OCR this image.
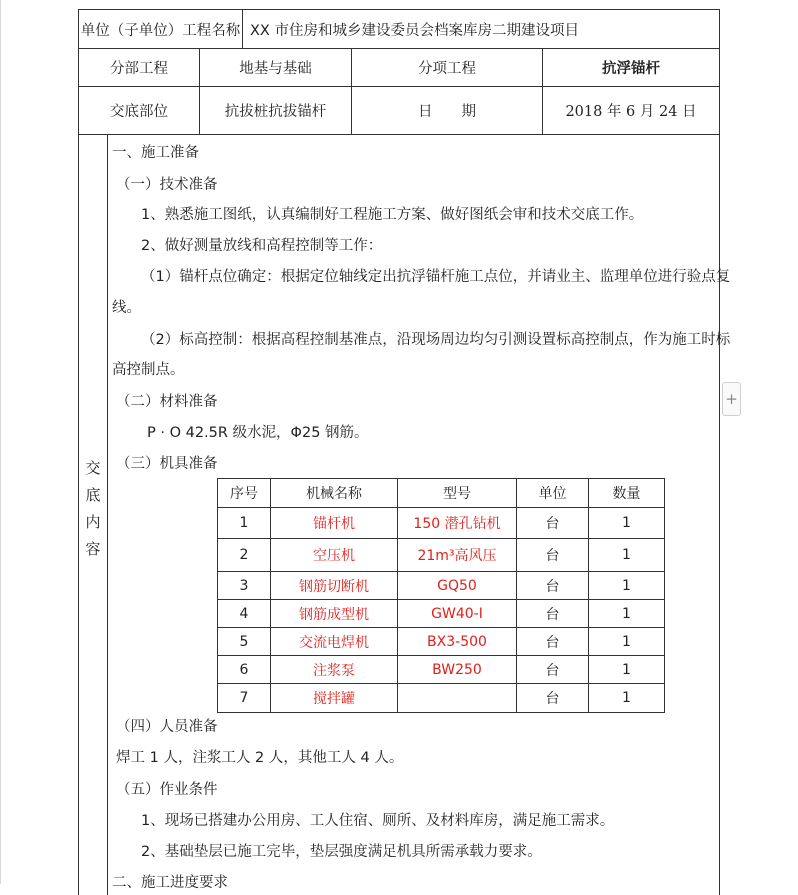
单位（子单位）工程名称 XX 市住房和城乡建设委员会档案库房二期建设项目
分部工程	地基与基础	分项工程	抗浮锚杆
交底部位	抗拔桩抗拔锚杆	日　　期	2018 年 6 月 24 日
交
底
内
容
一、施工准备
（一）技术准备
1、熟悉施工图纸，认真编制好工程施工方案、做好图纸会审和技术交底工作。
2、做好测量放线和高程控制等工作：
（1）锚杆点位确定：根据定位轴线定出抗浮锚杆施工点位，并请业主、监理单位进行验点复
线。
（2）标高控制：根据高程控制基准点，沿现场周边均匀引测设置标高控制点，作为施工时标
高控制点。
（二）材料准备
P · O 42.5R 级水泥，Φ25 钢筋。
（三）机具准备
序号	机械名称	型号	单位	数量
1	锚杆机	150 潜孔钻机	台	1
2	空压机	21m³高风压	台	1
3	钢筋切断机	GQ50	台	1
4	钢筋成型机	GW40-I	台	1
5	交流电焊机	BX3-500	台	1
6	注浆泵	BW250	台	1
7	搅拌罐		台	1
（四）人员准备
焊工 1 人，注浆工人 2 人，其他工人 4 人。
（五）作业条件
1、现场已搭建办公用房、工人住宿、厕所、及材料库房，满足施工需求。
2、基础垫层已施工完毕，垫层强度满足机具所需承载力要求。
二、施工进度要求
+
